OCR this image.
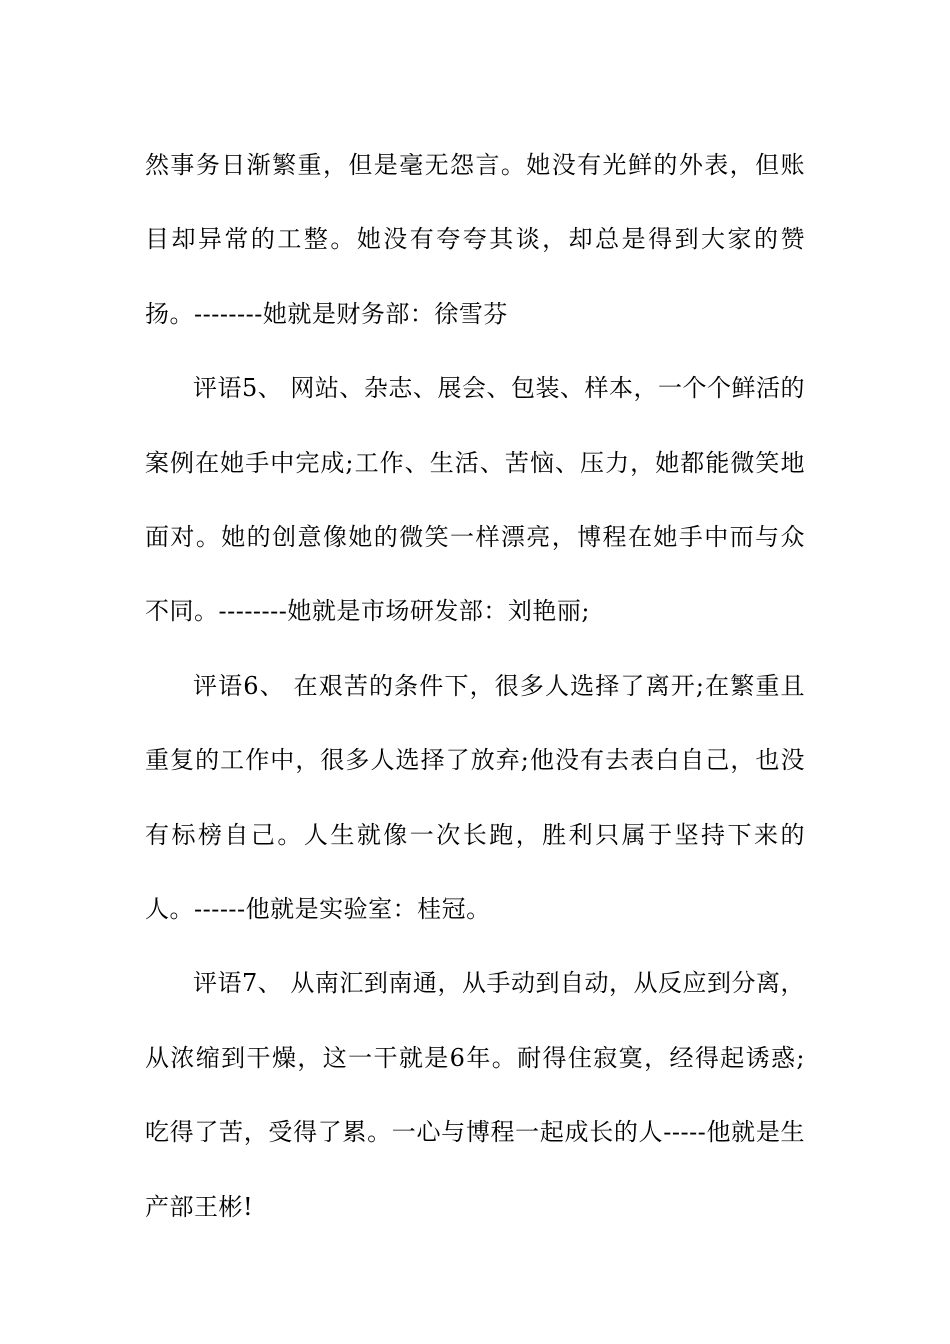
然事务日渐繁重，但是毫无怨言。她没有光鲜的外表，但账目却异常的工整。她没有夸夸其谈，却总是得到大家的赞扬。--------她就是财务部：徐雪芬

评语5、 网站、杂志、展会、包装、样本，一个个鲜活的案例在她手中完成;工作、生活、苦恼、压力，她都能微笑地面对。她的创意像她的微笑一样漂亮，博程在她手中而与众不同。--------她就是市场研发部：刘艳丽;

评语6、 在艰苦的条件下，很多人选择了离开;在繁重且重复的工作中，很多人选择了放弃;他没有去表白自己，也没有标榜自己。人生就像一次长跑，胜利只属于坚持下来的人。------他就是实验室：桂冠。

评语7、 从南汇到南通，从手动到自动，从反应到分离，从浓缩到干燥，这一干就是6年。耐得住寂寞，经得起诱惑;吃得了苦，受得了累。一心与博程一起成长的人-----他就是生产部王彬!
